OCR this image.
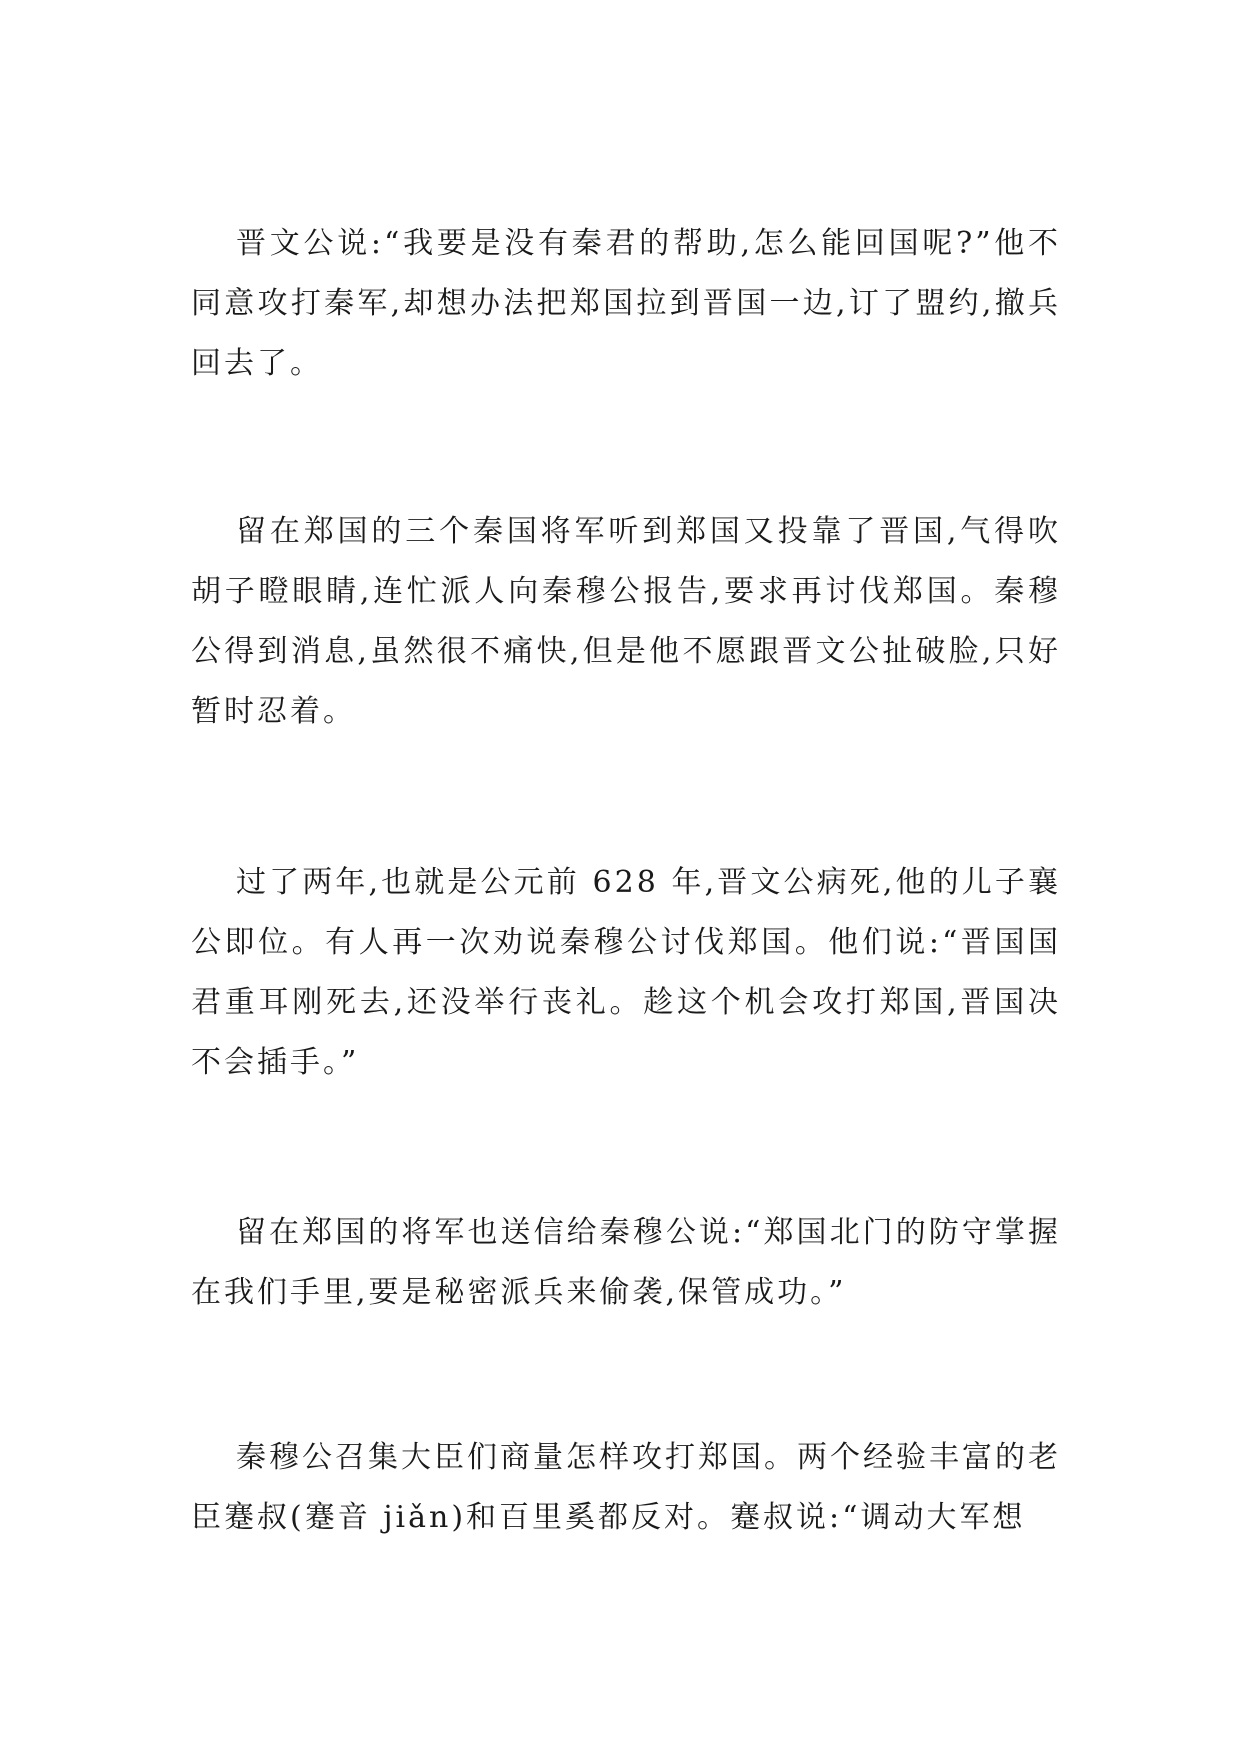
晋文公说:“我要是没有秦君的帮助,怎么能回国呢?”他不同意攻打秦军,却想办法把郑国拉到晋国一边,订了盟约,撤兵回去了。

留在郑国的三个秦国将军听到郑国又投靠了晋国,气得吹胡子瞪眼睛,连忙派人向秦穆公报告,要求再讨伐郑国。秦穆公得到消息,虽然很不痛快,但是他不愿跟晋文公扯破脸,只好暂时忍着。

过了两年,也就是公元前 628 年,晋文公病死,他的儿子襄公即位。有人再一次劝说秦穆公讨伐郑国。他们说:“晋国国君重耳刚死去,还没举行丧礼。趁这个机会攻打郑国,晋国决不会插手。”

留在郑国的将军也送信给秦穆公说:“郑国北门的防守掌握在我们手里,要是秘密派兵来偷袭,保管成功。”

秦穆公召集大臣们商量怎样攻打郑国。两个经验丰富的老臣蹇叔(蹇音 jiǎn)和百里奚都反对。蹇叔说:“调动大军想
